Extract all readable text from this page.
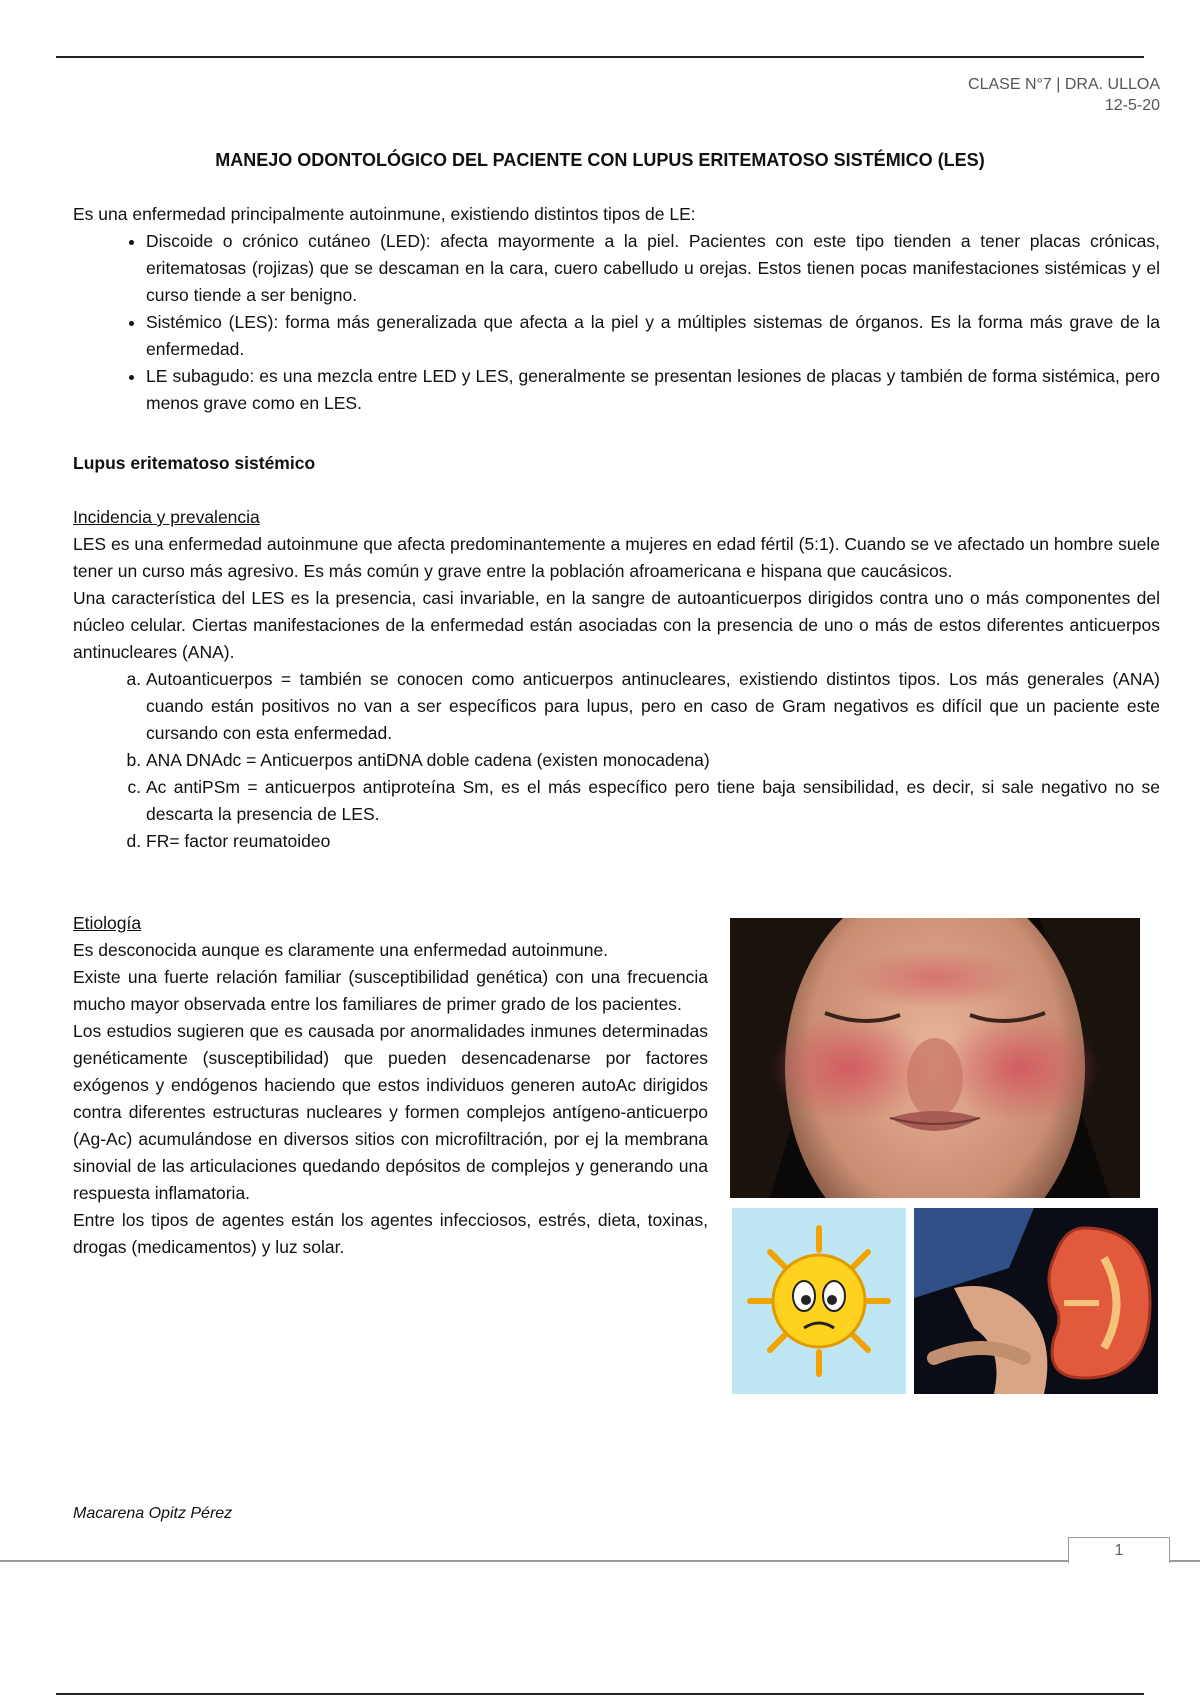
CLASE N°7 | DRA. ULLOA
12-5-20
MANEJO ODONTOLÓGICO DEL PACIENTE CON LUPUS ERITEMATOSO SISTÉMICO (LES)

Es una enfermedad principalmente autoinmune, existiendo distintos tipos de LE:

• Discoide o crónico cutáneo (LED): afecta mayormente a la piel. Pacientes con este tipo tienden a tener placas crónicas, eritematosas (rojizas) que se descaman en la cara, cuero cabelludo u orejas. Estos tienen pocas manifestaciones sistémicas y el curso tiende a ser benigno.
• Sistémico (LES): forma más generalizada que afecta a la piel y a múltiples sistemas de órganos. Es la forma más grave de la enfermedad.
• LE subagudo: es una mezcla entre LED y LES, generalmente se presentan lesiones de placas y también de forma sistémica, pero menos grave como en LES.

Lupus eritematoso sistémico

Incidencia y prevalencia

LES es una enfermedad autoinmune que afecta predominantemente a mujeres en edad fértil (5:1). Cuando se ve afectado un hombre suele tener un curso más agresivo. Es más común y grave entre la población afroamericana e hispana que caucásicos.

Una característica del LES es la presencia, casi invariable, en la sangre de autoanticuerpos dirigidos contra uno o más componentes del núcleo celular. Ciertas manifestaciones de la enfermedad están asociadas con la presencia de uno o más de estos diferentes anticuerpos antinucleares (ANA).

a. Autoanticuerpos = también se conocen como anticuerpos antinucleares, existiendo distintos tipos. Los más generales (ANA) cuando están positivos no van a ser específicos para lupus, pero en caso de Gram negativos es difícil que un paciente este cursando con esta enfermedad.
b. ANA DNAdc = Anticuerpos antiDNA doble cadena (existen monocadena)
c. Ac antiPSm = anticuerpos antiproteína Sm, es el más específico pero tiene baja sensibilidad, es decir, si sale negativo no se descarta la presencia de LES.
d. FR= factor reumatoideo

Etiología

Es desconocida aunque es claramente una enfermedad autoinmune.

Existe una fuerte relación familiar (susceptibilidad genética) con una frecuencia mucho mayor observada entre los familiares de primer grado de los pacientes.

Los estudios sugieren que es causada por anormalidades inmunes determinadas genéticamente (susceptibilidad) que pueden desencadenarse por factores exógenos y endógenos haciendo que estos individuos generen autoAc dirigidos contra diferentes estructuras nucleares y formen complejos antígeno-anticuerpo (Ag-Ac) acumulándose en diversos sitios con microfiltración, por ej la membrana sinovial de las articulaciones quedando depósitos de complejos y generando una respuesta inflamatoria.

Entre los tipos de agentes están los agentes infecciosos, estrés, dieta, toxinas, drogas (medicamentos) y luz solar.

Macarena Opitz Pérez
1
